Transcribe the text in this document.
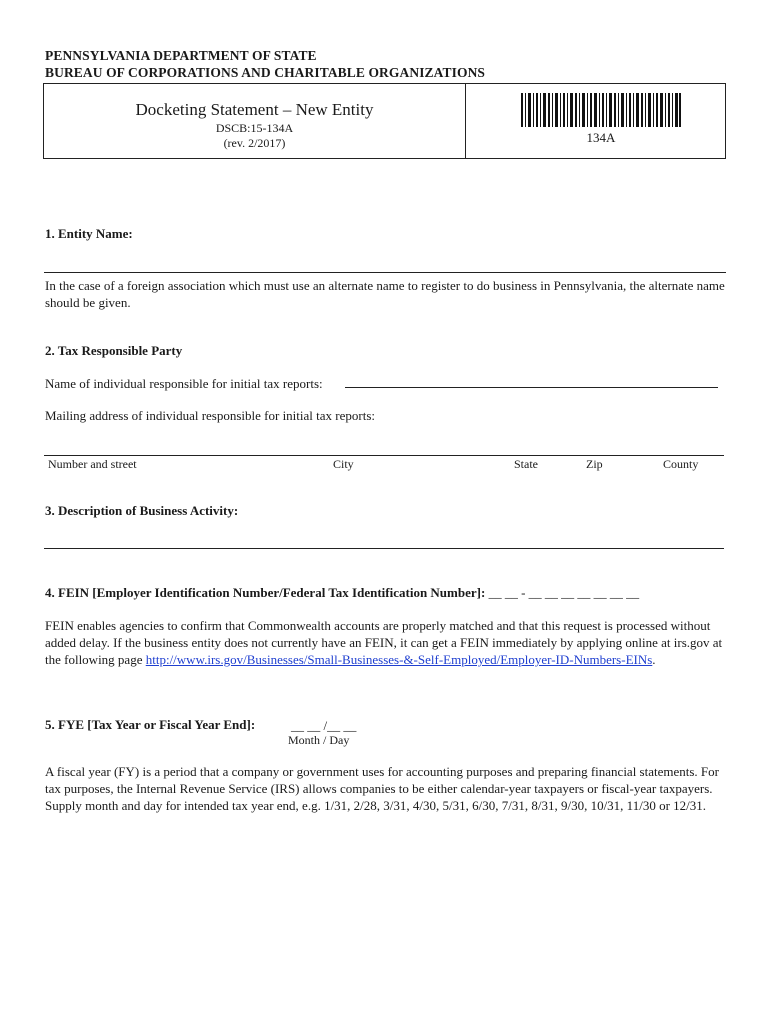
PENNSYLVANIA DEPARTMENT OF STATE
BUREAU OF CORPORATIONS AND CHARITABLE ORGANIZATIONS
Docketing Statement – New Entity
DSCB:15-134A
(rev. 2/2017)	134A
1. Entity Name:
In the case of a foreign association which must use an alternate name to register to do business in Pennsylvania, the alternate name should be given.
2. Tax Responsible Party
Name of individual responsible for initial tax reports:
Mailing address of individual responsible for initial tax reports:
Number and street	City	State	Zip	County
3. Description of Business Activity:
4. FEIN [Employer Identification Number/Federal Tax Identification Number]: __ __ - __ __ __ __ __ __ __
FEIN enables agencies to confirm that Commonwealth accounts are properly matched and that this request is processed without added delay. If the business entity does not currently have an FEIN, it can get a FEIN immediately by applying online at irs.gov at the following page http://www.irs.gov/Businesses/Small-Businesses-&-Self-Employed/Employer-ID-Numbers-EINs.
5. FYE [Tax Year or Fiscal Year End]:	__ __ /__ __
Month / Day
A fiscal year (FY) is a period that a company or government uses for accounting purposes and preparing financial statements. For tax purposes, the Internal Revenue Service (IRS) allows companies to be either calendar-year taxpayers or fiscal-year taxpayers. Supply month and day for intended tax year end, e.g. 1/31, 2/28, 3/31, 4/30, 5/31, 6/30, 7/31, 8/31, 9/30, 10/31, 11/30 or 12/31.
